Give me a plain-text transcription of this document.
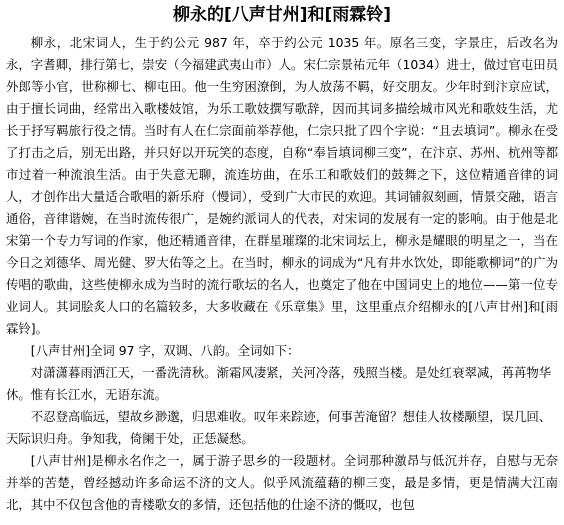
柳永的[八声甘州]和[雨霖铃]

柳永，北宋词人，生于约公元 987 年，卒于约公元 1035 年。原名三变，字景庄，后改名为永，字耆卿，排行第七，崇安（今福建武夷山市）人。宋仁宗景祐元年（1034）进士，做过官屯田员外郎等小官，世称柳七、柳屯田。他一生穷困潦倒，为人放荡不羁，好交朋友。少年时到汴京应试，由于擅长词曲，经常出入歌楼妓馆，为乐工歌妓撰写歌辞，因而其词多描绘城市风光和歌妓生活，尤长于抒写羁旅行役之情。当时有人在仁宗面前举荐他，仁宗只批了四个字说：“且去填词”。柳永在受了打击之后，别无出路，并只好以开玩笑的态度，自称“奉旨填词柳三变”，在汴京、苏州、杭州等都市过着一种流浪生活。由于失意无聊，流连坊曲，在乐工和歌妓们的鼓舞之下，这位精通音律的词人，才创作出大量适合歌唱的新乐府（慢词），受到广大市民的欢迎。其词铺叙刻画，情景交融，语言通俗，音律谐婉，在当时流传很广，是婉约派词人的代表，对宋词的发展有一定的影响。由于他是北宋第一个专力写词的作家，他还精通音律，在群星璀璨的北宋词坛上，柳永是耀眼的明星之一，当在今日之刘德华、周光健、罗大佑等之上。在当时，柳永的词成为“凡有井水饮处，即能歌柳词”的广为传唱的歌曲，这些使柳永成为当时的流行歌坛的名人，也奠定了他在中国词史上的地位——第一位专业词人。其词脍炙人口的名篇较多，大多收藏在《乐章集》里，这里重点介绍柳永的[八声甘州]和[雨霖铃]。

[八声甘州]全词 97 字，双调、八韵。全词如下：

对潇潇暮雨洒江天，一番洗清秋。渐霜风凄紧，关河冷落，残照当楼。是处红衰翠减，苒苒物华休。惟有长江水，无语东流。

不忍登高临远，望故乡渺邈，归思难收。叹年来踪迹，何事苦淹留？想佳人妆楼颙望，误几回、天际识归舟。争知我，倚阑干处，正恁凝愁。

[八声甘州]是柳永名作之一，属于游子思乡的一段题材。全词那种激昂与低沉并存，自慰与无奈并举的苦楚，曾经撼动许多命运不济的文人。似乎风流蕴藉的柳三变，最是多情，更是情满大江南北，其中不仅包含他的青楼歌女的多情，还包括他的仕途不济的慨叹，也包
